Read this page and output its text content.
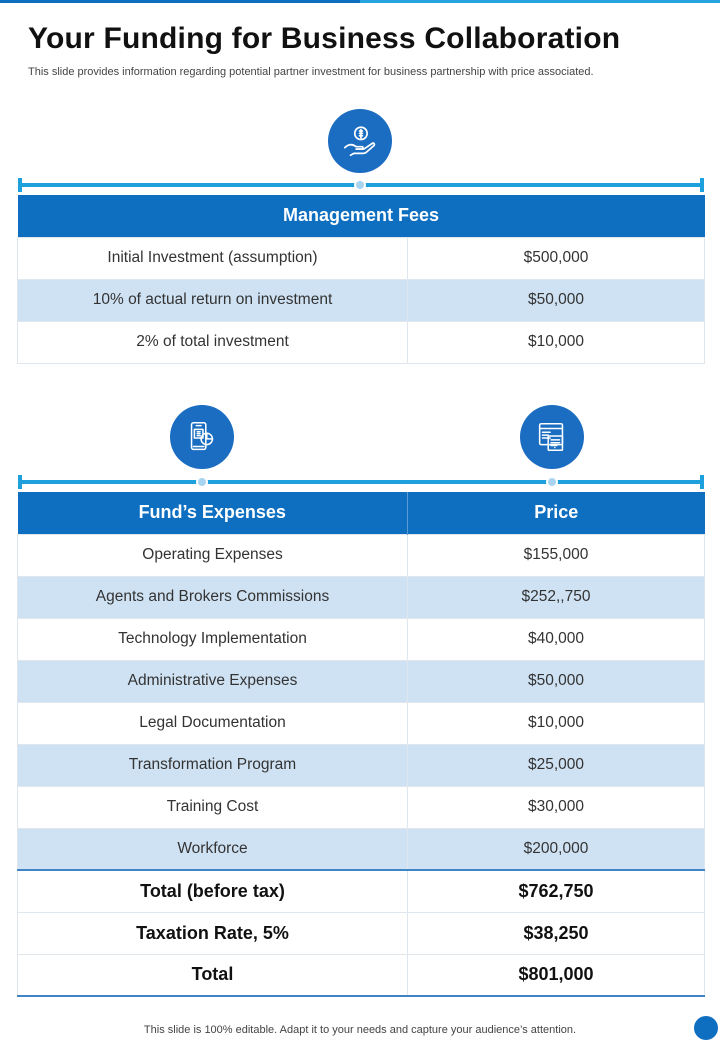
Your Funding for Business Collaboration
This slide provides information regarding potential partner investment for business partnership with price associated.
Management Fees	
Initial Investment (assumption)	$500,000
10% of actual return on investment	$50,000
2% of total investment	$10,000
Fund’s Expenses	Price
Operating Expenses	$155,000
Agents and Brokers Commissions	$252,,750
Technology Implementation	$40,000
Administrative Expenses	$50,000
Legal Documentation	$10,000
Transformation Program	$25,000
Training Cost	$30,000
Workforce	$200,000
Total (before tax)	$762,750
Taxation Rate, 5%	$38,250
Total	$801,000
This slide is 100% editable. Adapt it to your needs and capture your audience’s attention.
